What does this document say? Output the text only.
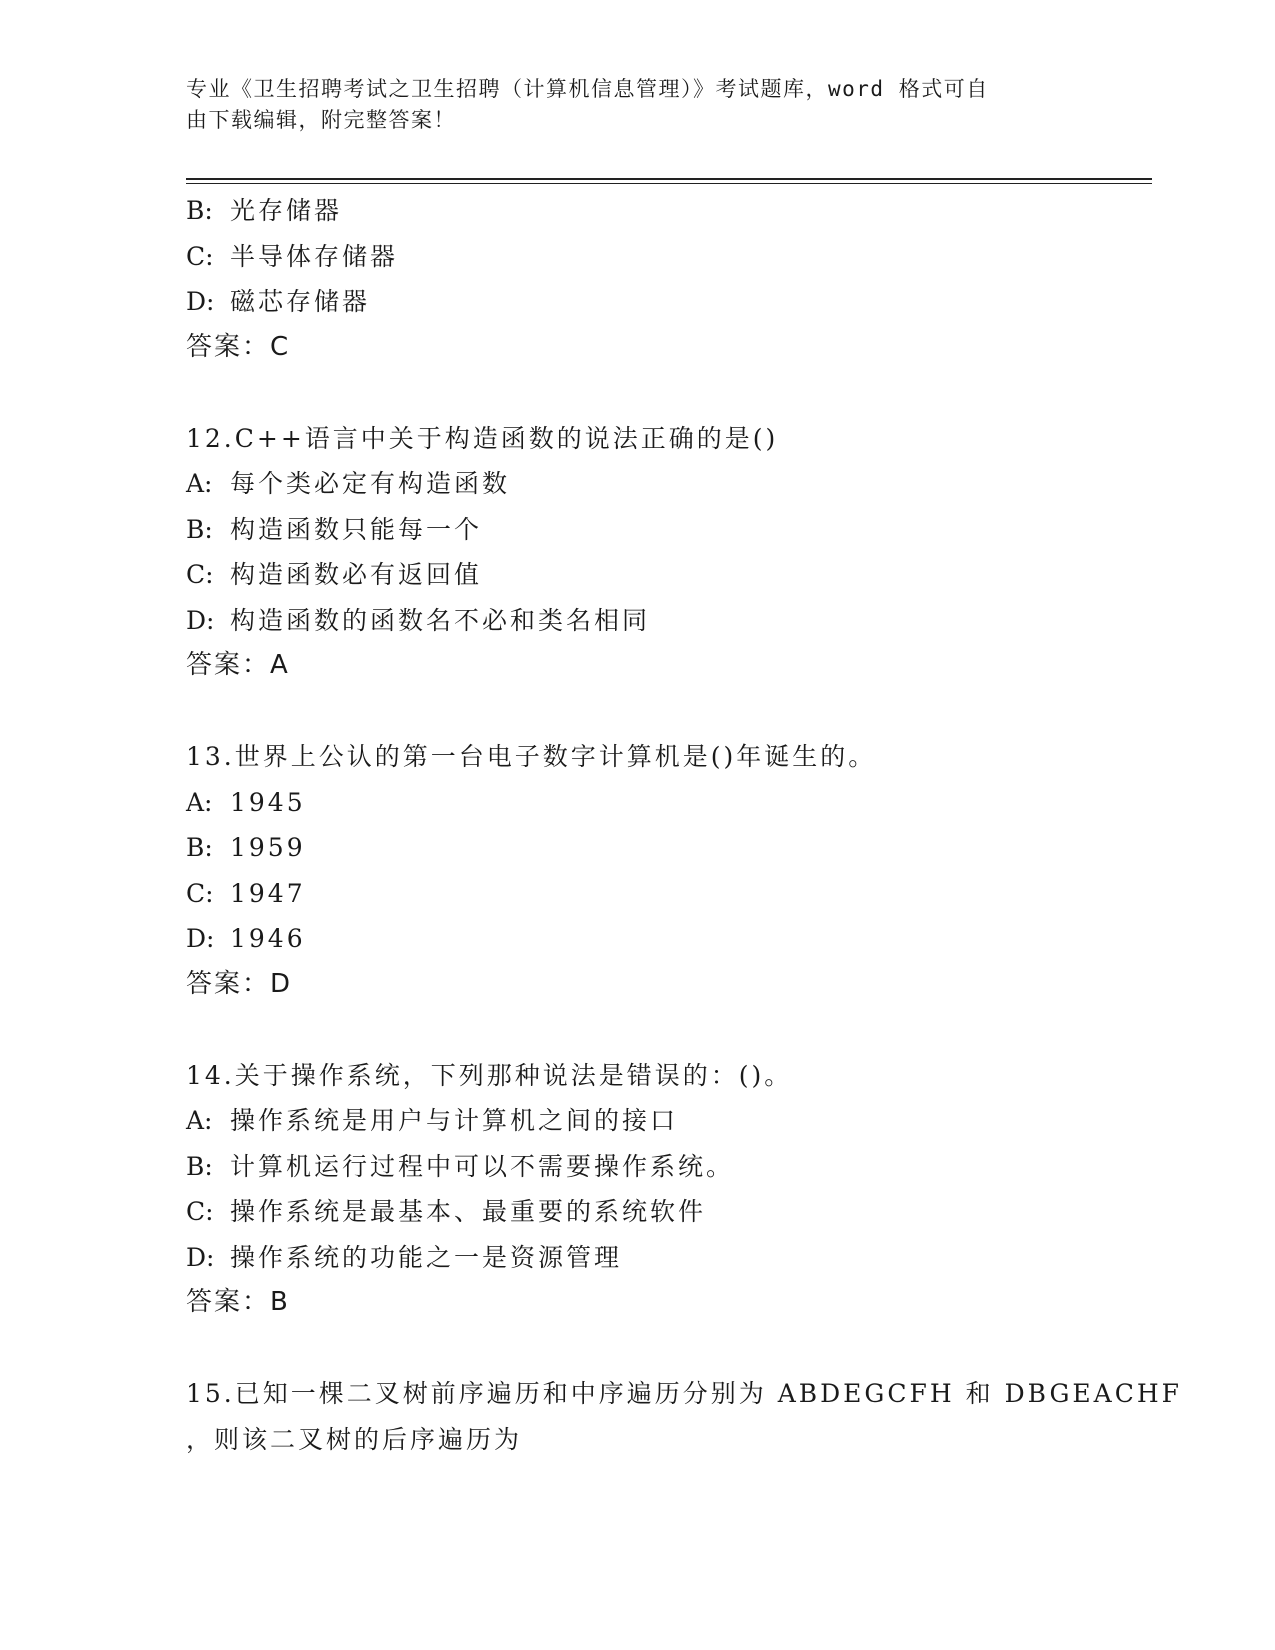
专业《卫生招聘考试之卫生招聘（计算机信息管理）》考试题库，word 格式可自
由下载编辑，附完整答案！
B: 光存储器
C: 半导体存储器
D: 磁芯存储器
答案：C
12.C++语言中关于构造函数的说法正确的是()
A: 每个类必定有构造函数
B: 构造函数只能每一个
C: 构造函数必有返回值
D: 构造函数的函数名不必和类名相同
答案：A
13.世界上公认的第一台电子数字计算机是()年诞生的。
A: 1945
B: 1959
C: 1947
D: 1946
答案：D
14.关于操作系统，下列那种说法是错误的：()。
A: 操作系统是用户与计算机之间的接口
B: 计算机运行过程中可以不需要操作系统。
C: 操作系统是最基本、最重要的系统软件
D: 操作系统的功能之一是资源管理
答案：B
15.已知一棵二叉树前序遍历和中序遍历分别为 ABDEGCFH 和 DBGEACHF
，则该二叉树的后序遍历为
